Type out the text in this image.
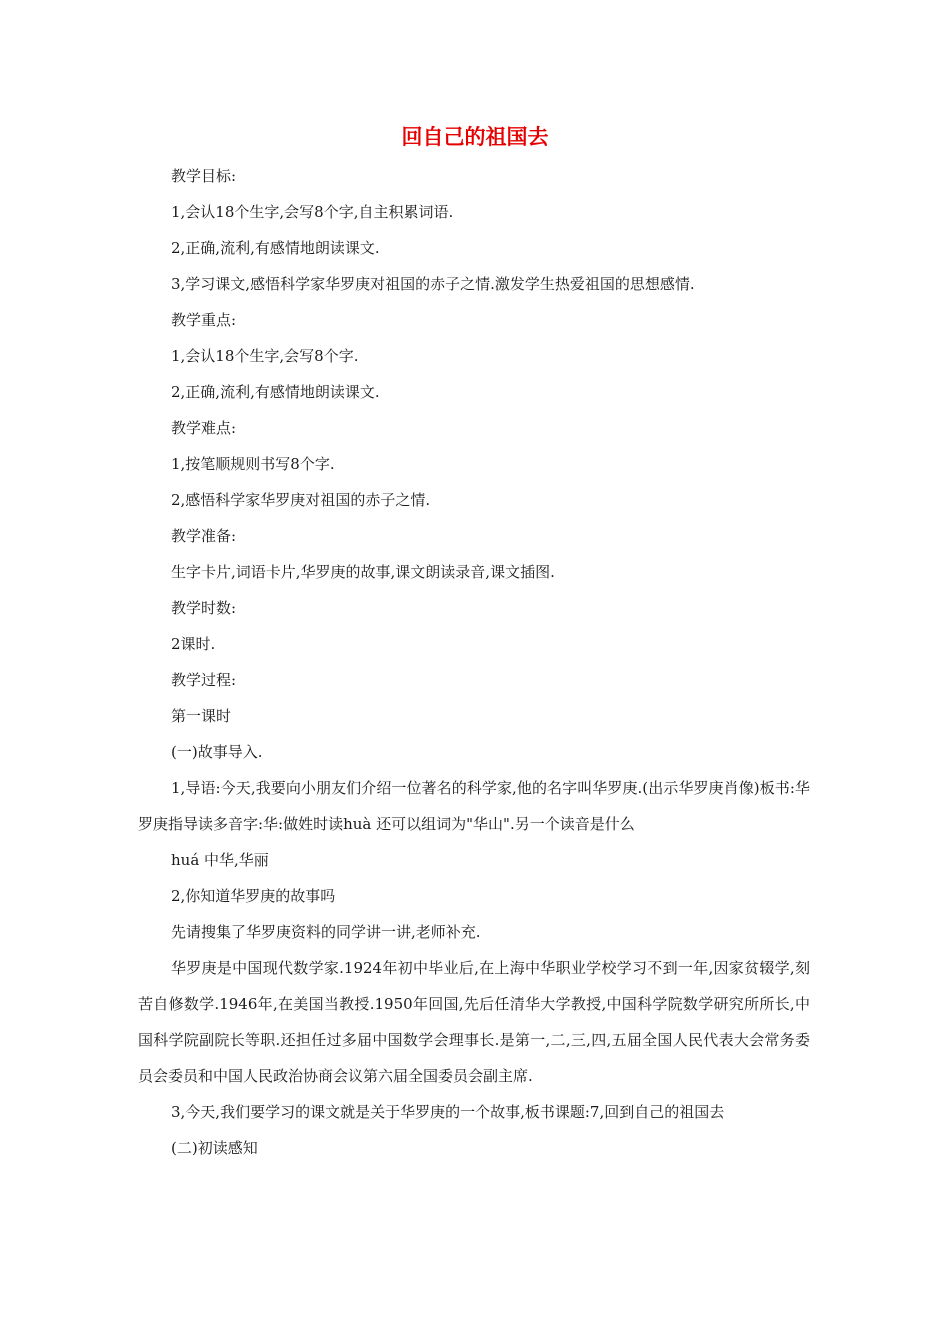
回自己的祖国去

教学目标:

1,会认18个生字,会写8个字,自主积累词语.

2,正确,流利,有感情地朗读课文.

3,学习课文,感悟科学家华罗庚对祖国的赤子之情.激发学生热爱祖国的思想感情.

教学重点:

1,会认18个生字,会写8个字.

2,正确,流利,有感情地朗读课文.

教学难点:

1,按笔顺规则书写8个字.

2,感悟科学家华罗庚对祖国的赤子之情.

教学准备:

生字卡片,词语卡片,华罗庚的故事,课文朗读录音,课文插图.

教学时数:

2课时.

教学过程:

第一课时

(一)故事导入.

1,导语:今天,我要向小朋友们介绍一位著名的科学家,他的名字叫华罗庚.(出示华罗庚肖像)板书:华罗庚指导读多音字:华:做姓时读huà 还可以组词为"华山".另一个读音是什么

huá 中华,华丽

2,你知道华罗庚的故事吗

先请搜集了华罗庚资料的同学讲一讲,老师补充.

华罗庚是中国现代数学家.1924年初中毕业后,在上海中华职业学校学习不到一年,因家贫辍学,刻苦自修数学.1946年,在美国当教授.1950年回国,先后任清华大学教授,中国科学院数学研究所所长,中国科学院副院长等职.还担任过多届中国数学会理事长.是第一,二,三,四,五届全国人民代表大会常务委员会委员和中国人民政治协商会议第六届全国委员会副主席.

3,今天,我们要学习的课文就是关于华罗庚的一个故事,板书课题:7,回到自己的祖国去

(二)初读感知
